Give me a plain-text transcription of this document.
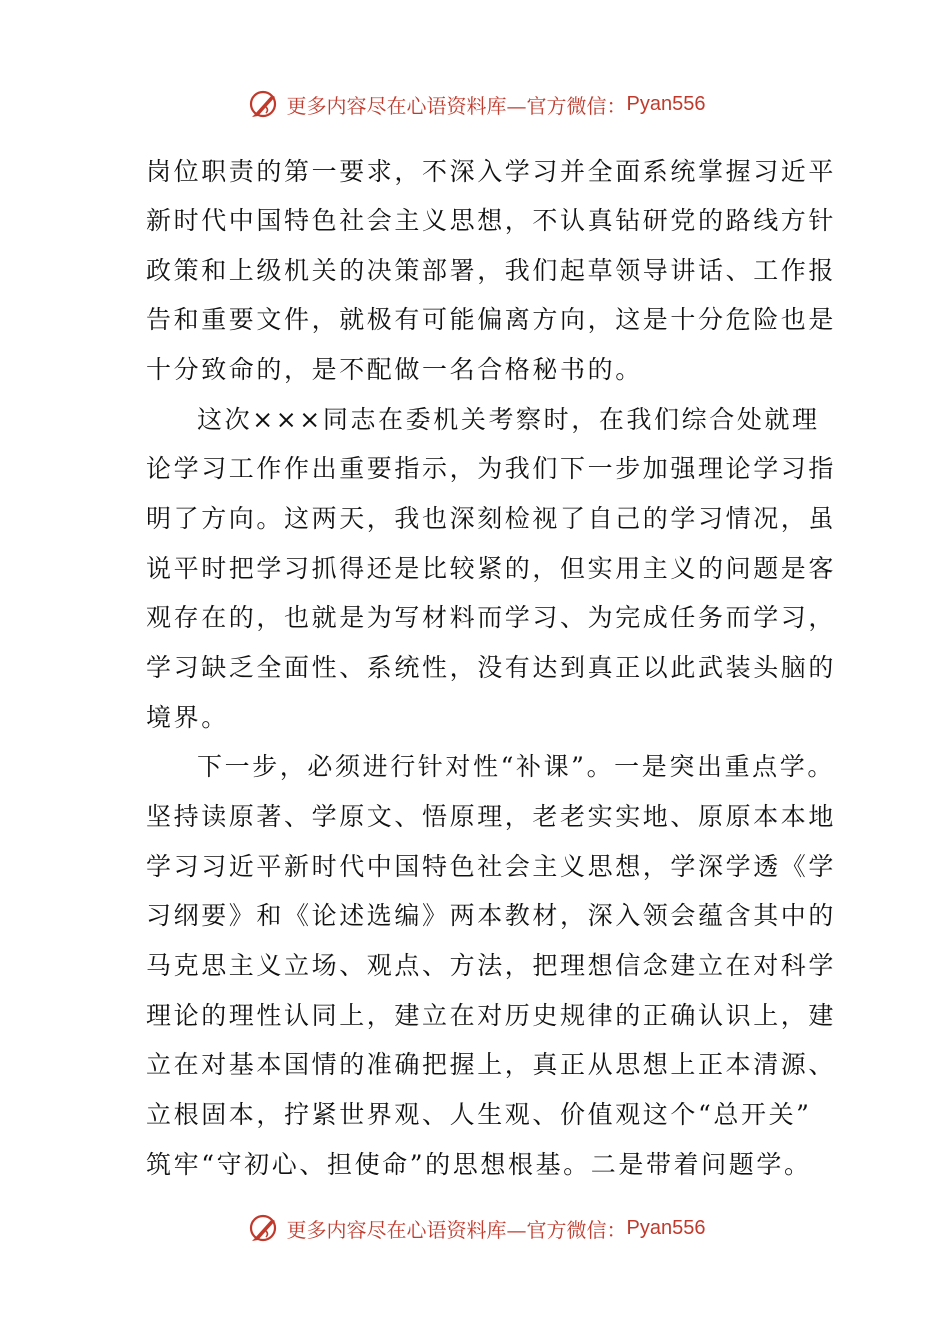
更多内容尽在心语资料库—官方微信： Pyan556
岗位职责的第一要求，不深入学习并全面系统掌握习近平
新时代中国特色社会主义思想，不认真钻研党的路线方针
政策和上级机关的决策部署，我们起草领导讲话、工作报
告和重要文件，就极有可能偏离方向，这是十分危险也是
十分致命的，是不配做一名合格秘书的。
这次×××同志在委机关考察时，在我们综合处就理
论学习工作作出重要指示，为我们下一步加强理论学习指
明了方向。这两天，我也深刻检视了自己的学习情况，虽
说平时把学习抓得还是比较紧的，但实用主义的问题是客
观存在的，也就是为写材料而学习、为完成任务而学习，
学习缺乏全面性、系统性，没有达到真正以此武装头脑的
境界。
下一步，必须进行针对性“补课”。一是突出重点学。
坚持读原著、学原文、悟原理，老老实实地、原原本本地
学习习近平新时代中国特色社会主义思想，学深学透《学
习纲要》和《论述选编》两本教材，深入领会蕴含其中的
马克思主义立场、观点、方法，把理想信念建立在对科学
理论的理性认同上，建立在对历史规律的正确认识上，建
立在对基本国情的准确把握上，真正从思想上正本清源、
立根固本，拧紧世界观、人生观、价值观这个“总开关”
筑牢“守初心、担使命”的思想根基。二是带着问题学。
更多内容尽在心语资料库—官方微信： Pyan556
